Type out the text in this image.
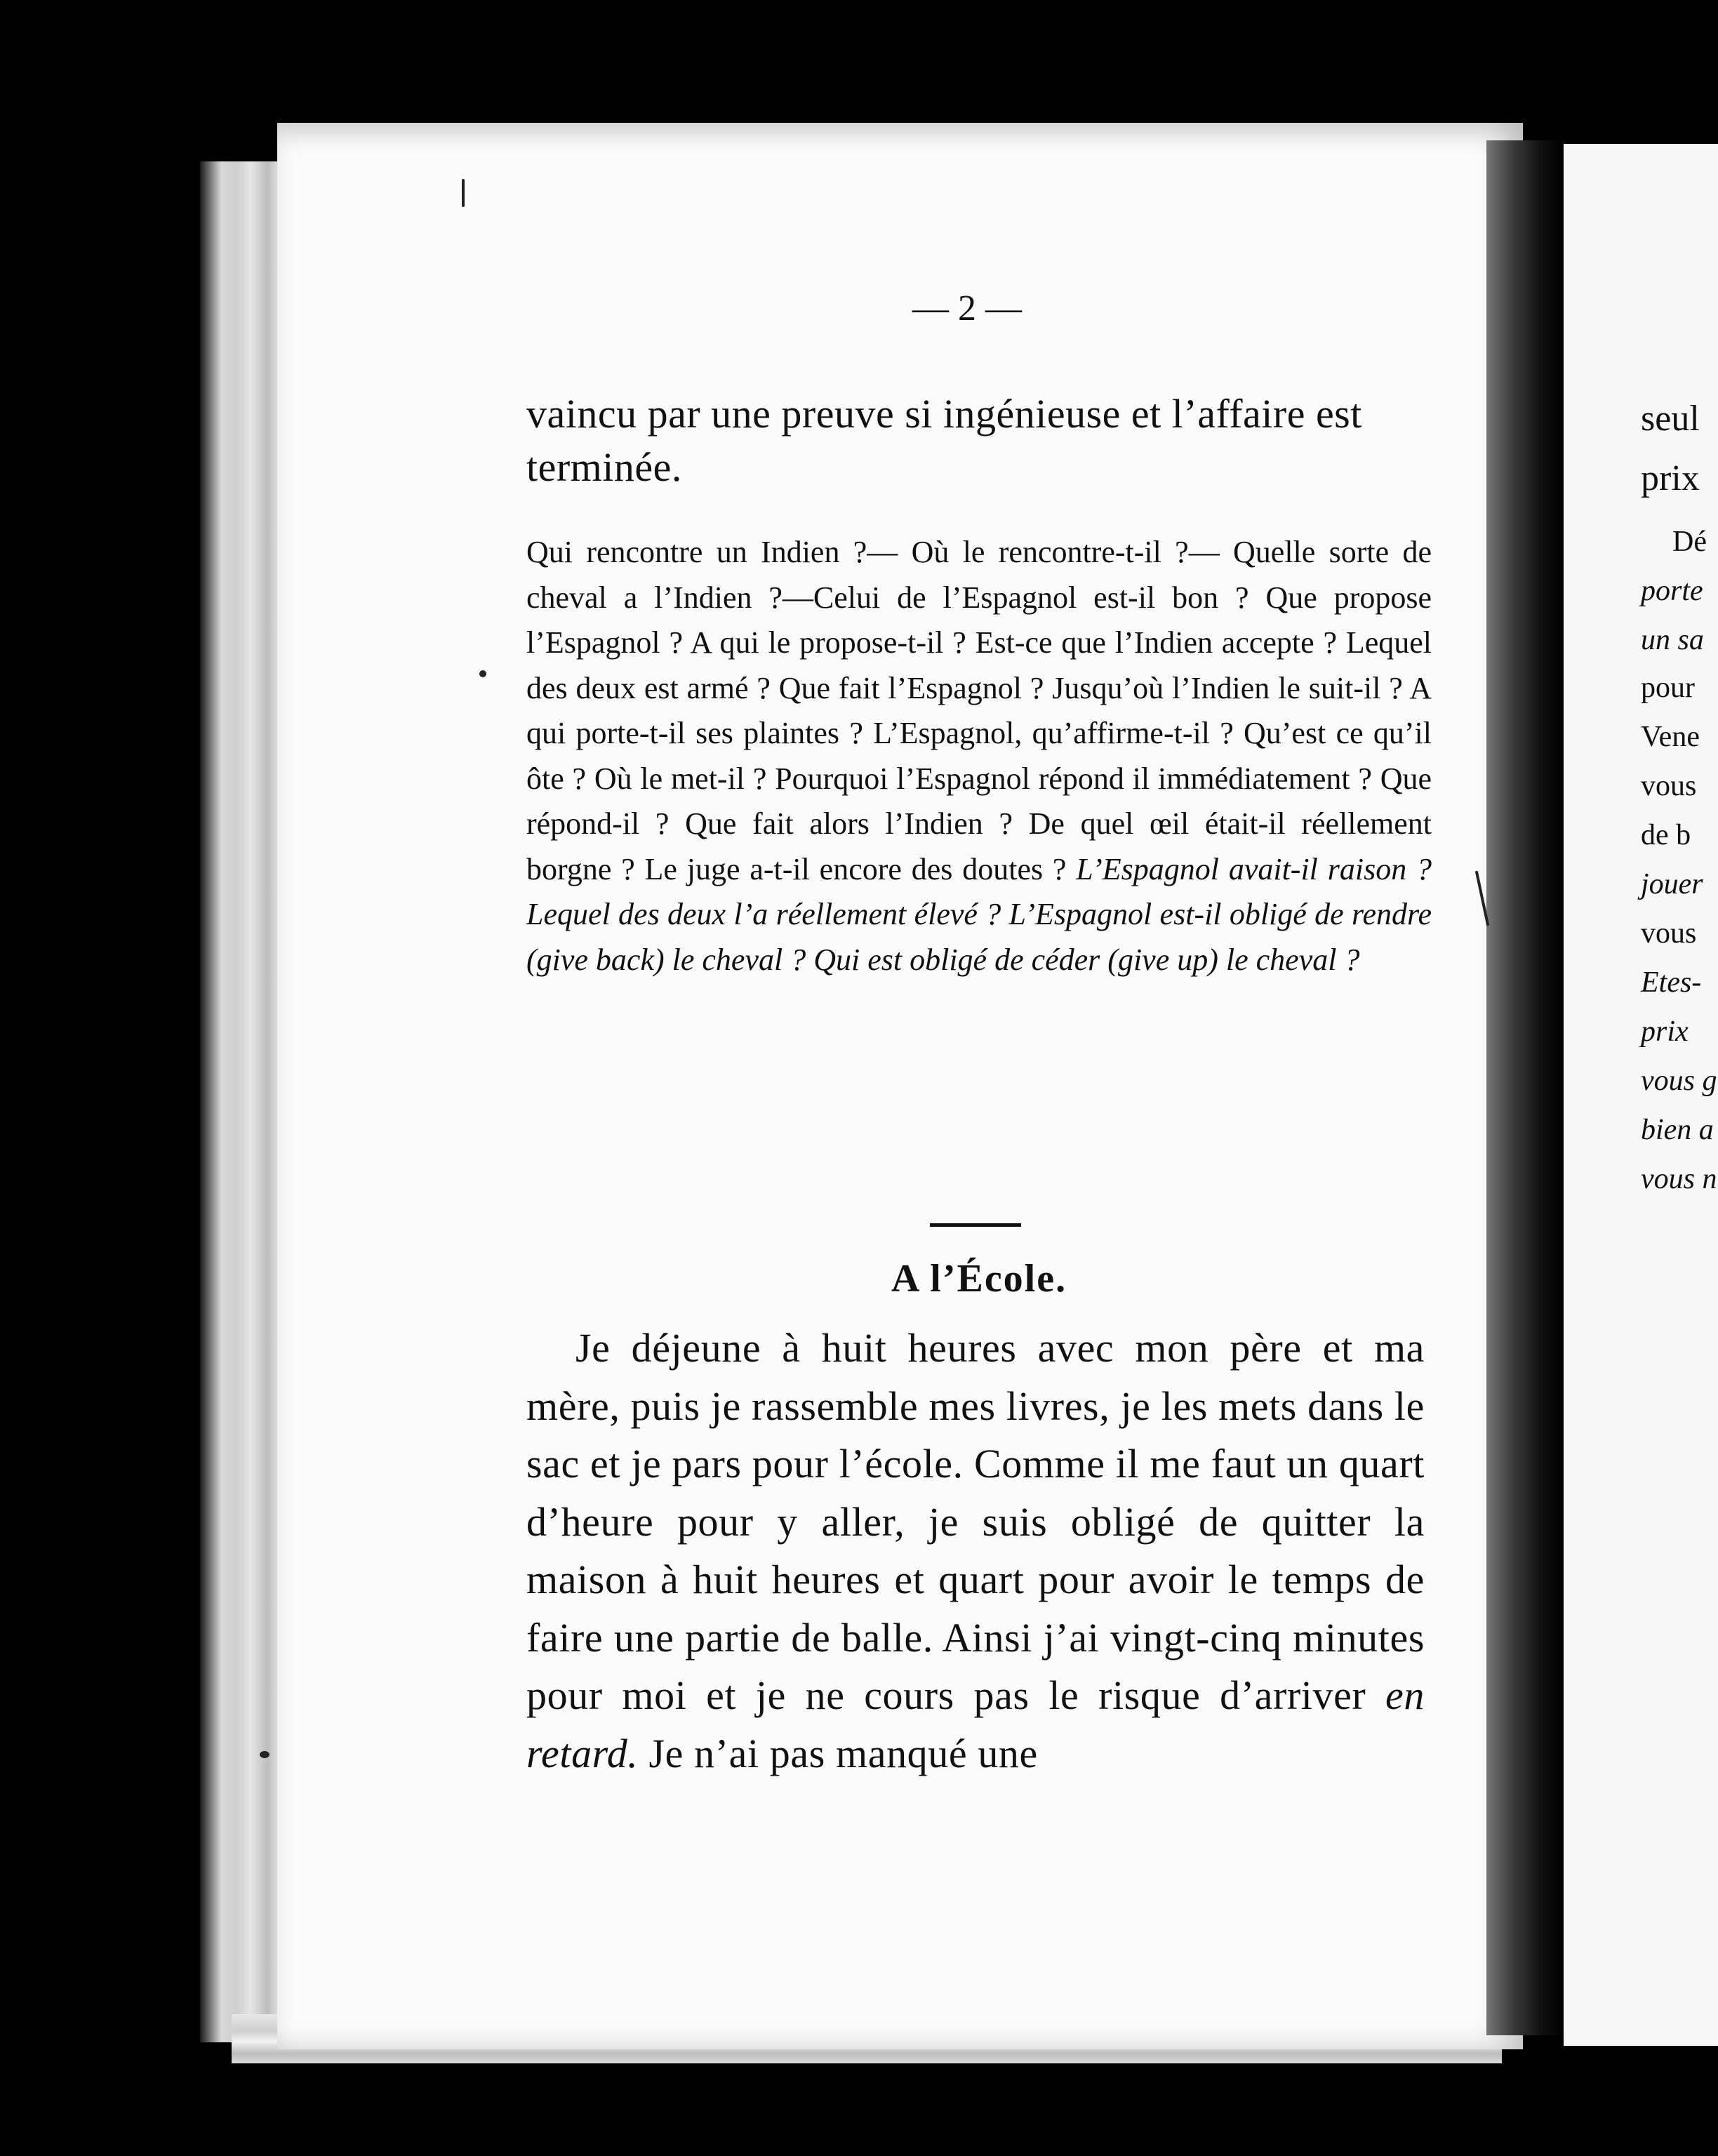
seul
prix
Dé
porte
un sa
pour
Vene
vous
de b
jouer
vous
Etes-
prix
vous g
bien a
vous n
— 2 —
vaincu par une preuve si ingénieuse et l’affaire est terminée.
Qui rencontre un Indien ?— Où le rencontre-t-il ?— Quelle sorte de cheval a l’Indien ?—Celui de l’Espagnol est-il bon ? Que propose l’Espagnol ? A qui le propose-t-il ? Est-ce que l’Indien accepte ? Lequel des deux est armé ? Que fait l’Espagnol ? Jusqu’où l’Indien le suit-il ? A qui porte-t-il ses plaintes ? L’Espagnol, qu’affirme-t-il ? Qu’est ce qu’il ôte ? Où le met-il ? Pourquoi l’Espagnol répond il immédiatement ? Que répond-il ? Que fait alors l’Indien ? De quel œil était-il réellement borgne ? Le juge a-t-il encore des doutes ? L’Espagnol avait-il raison ? Lequel des deux l’a réellement élevé ? L’Espagnol est-il obligé de rendre (give back) le cheval ? Qui est obligé de céder (give up) le cheval ?
A l’École.
Je déjeune à huit heures avec mon père et ma mère, puis je rassemble mes livres, je les mets dans le sac et je pars pour l’école. Comme il me faut un quart d’heure pour y aller, je suis obligé de quitter la maison à huit heures et quart pour avoir le temps de faire une partie de balle. Ainsi j’ai vingt-cinq minutes pour moi et je ne cours pas le risque d’arriver en retard. Je n’ai pas manqué une
